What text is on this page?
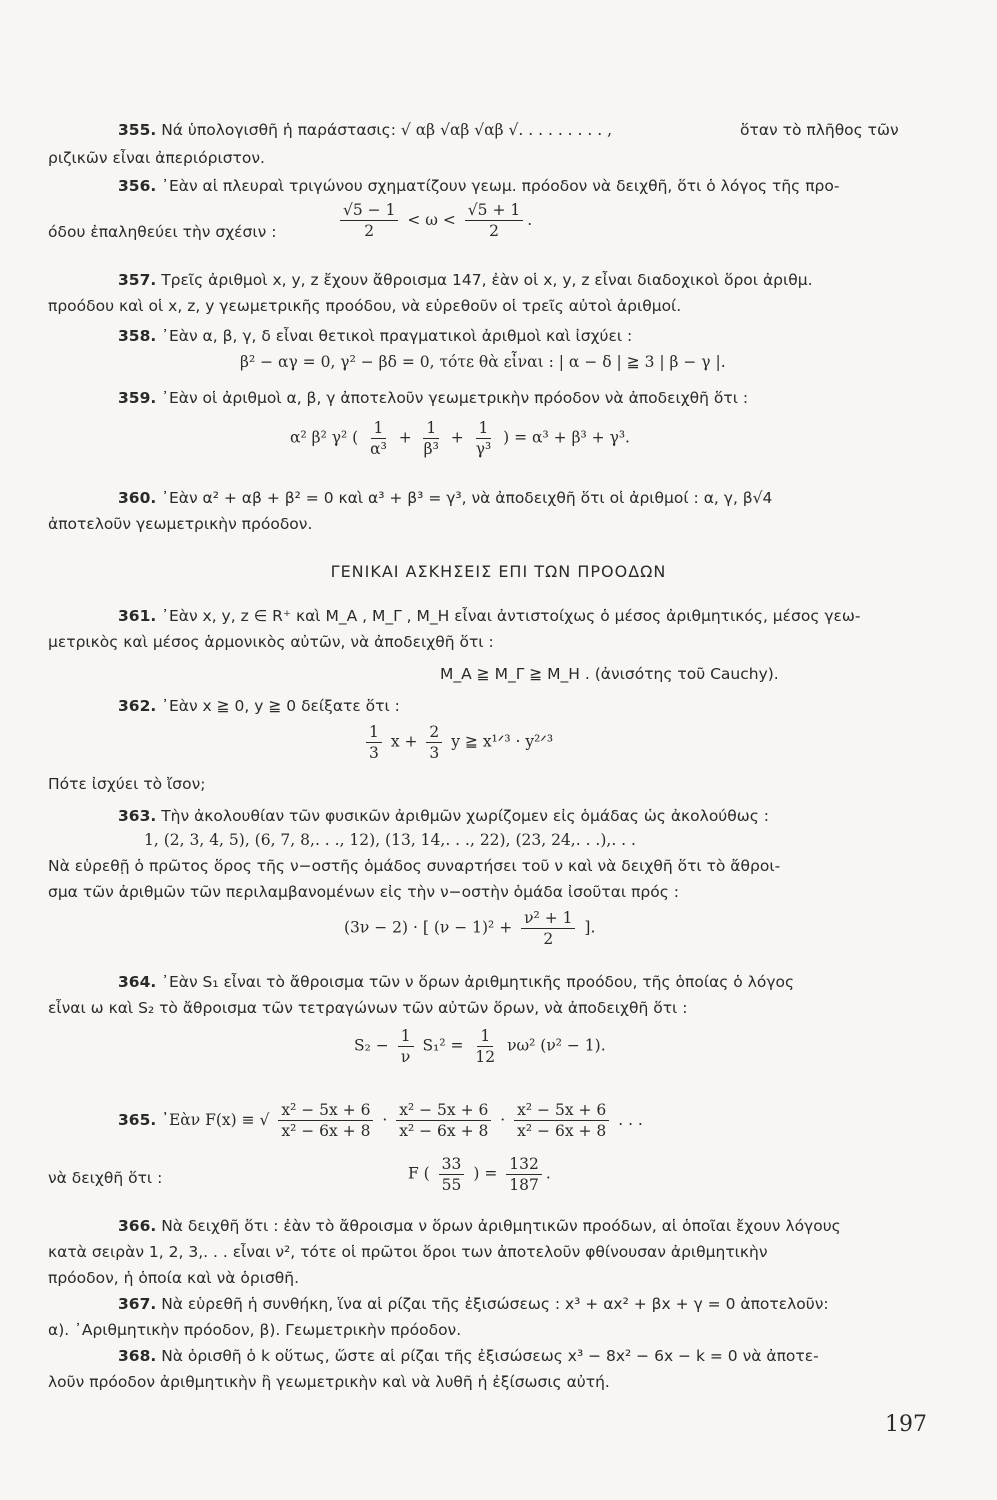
355. Νά ὑπολογισθῆ ἡ παράστασις: √ αβ √αβ √αβ √. . . . . . . . . ,	ὅταν τὸ πλῆθος τῶν
ριζικῶν εἶναι ἀπεριόριστον.
356. ᾿Εὰν αἱ πλευραὶ τριγώνου σχηματίζουν γεωμ. πρόοδον νὰ δειχθῆ, ὅτι ὁ λόγος τῆς προ-
όδου ἐπαληθεύει τὴν σχέσιν :	$\frac{√5 - 1}{2} < \omega < \frac{√5 + 1}{2}$ .
357. Τρεῖς ἀριθμοὶ x, y, z ἔχουν ἄθροισμα 147, ἐὰν οἱ x, y, z εἶναι διαδοχικοὶ ὅροι ἀριθμ.
προόδου καὶ οἱ x, z, y γεωμετρικῆς προόδου, νὰ εὑρεθοῦν οἱ τρεῖς αὐτοὶ ἀριθμοί.
358. ᾿Εὰν α, β, γ, δ εἶναι θετικοὶ πραγματικοὶ ἀριθμοὶ καὶ ἰσχύει :
β² − αγ = 0, γ² − βδ = 0, τότε θὰ εἶναι : | α − δ | ≧ 3 | β − γ |.
359. ᾿Εὰν οἱ ἀριθμοὶ α, β, γ ἀποτελοῦν γεωμετρικὴν πρόοδον νὰ ἀποδειχθῆ ὅτι :
α² β² γ² ( $\frac{1}{\text{α³}} + \frac{1}{\text{β³}} + \frac{1}{\text{γ³}}$ ) = α³ + β³ + γ³.
360. ᾿Εὰν α² + αβ + β² = 0 καὶ α³ + β³ = γ³, νὰ ἀποδειχθῆ ὅτι οἱ ἀριθμοί : α, γ, β√4
ἀποτελοῦν γεωμετρικὴν πρόοδον.
ΓΕΝΙΚΑΙ ΑΣΚΗΣΕΙΣ ΕΠΙ ΤΩΝ ΠΡΟΟΔΩΝ
361. ᾿Εὰν x, y, z ∈ R⁺ καὶ M_A , M_Γ , M_H εἶναι ἀντιστοίχως ὁ μέσος ἀριθμητικός, μέσος γεω-
μετρικὸς καὶ μέσος ἁρμονικὸς αὐτῶν, νὰ ἀποδειχθῆ ὅτι :
M_A ≧ M_Γ ≧ M_H . (ἀνισότης τοῦ Cauchy).
362. ᾿Εὰν x ≧ 0, y ≧ 0 δείξατε ὅτι :
$\frac{1}{3}$ $x + \frac{2}{3}$ y ≧ x¹ᐟ³ · y²ᐟ³
Πότε ἰσχύει τὸ ἴσον;
363. Τὴν ἀκολουθίαν τῶν φυσικῶν ἀριθμῶν χωρίζομεν εἰς ὁμάδας ὡς ἀκολούθως :
1, (2, 3, 4, 5), (6, 7, 8,. . ., 12), (13, 14,. . ., 22), (23, 24,. . .),. . .
Νὰ εὑρεθῇ ὁ πρῶτος ὅρος τῆς ν−οστῆς ὁμάδος συναρτήσει τοῦ ν καὶ νὰ δειχθῆ ὅτι τὸ ἄθροι-
σμα τῶν ἀριθμῶν τῶν περιλαμβανομένων εἰς τὴν ν−οστὴν ὁμάδα ἰσοῦται πρός :
(3ν − 2) · [ $(\nu - 1)^2 + \frac{\text{ν² + 1}}{2}$ ].
364. ᾿Εὰν S₁ εἶναι τὸ ἄθροισμα τῶν ν ὅρων ἀριθμητικῆς προόδου, τῆς ὁποίας ὁ λόγος
εἶναι ω καὶ S₂ τὸ ἄθροισμα τῶν τετραγώνων τῶν αὐτῶν ὅρων, νὰ ἀποδειχθῆ ὅτι :
$S_2 - \frac{1}{\nu} S_1^2 = \frac{1}{12} \nu\omega^2$ (ν² − 1).
365. ᾿Εὰν F(x) ≡ √ $\frac{\text{x² − 5x + 6}}{\text{x² − 6x + 8}} \cdot \frac{\text{x² − 5x + 6}}{\text{x² − 6x + 8}} \cdot \frac{\text{x² − 5x + 6}}{\text{x² − 6x + 8}}$ . . .
νὰ δειχθῆ ὅτι :	F ( $\frac{33}{55}$ ) = $\frac{132}{187}$ .
366. Νὰ δειχθῆ ὅτι : ἐὰν τὸ ἄθροισμα ν ὅρων ἀριθμητικῶν προόδων, αἱ ὁποῖαι ἔχουν λόγους
κατὰ σειρὰν 1, 2, 3,. . . εἶναι ν², τότε οἱ πρῶτοι ὅροι των ἀποτελοῦν φθίνουσαν ἀριθμητικὴν
πρόοδον, ἡ ὁποία καὶ νὰ ὁρισθῆ.
367. Νὰ εὑρεθῆ ἡ συνθήκη, ἵνα αἱ ρίζαι τῆς ἐξισώσεως : x³ + αx² + βx + γ = 0 ἀποτελοῦν:
α). ᾿Αριθμητικὴν πρόοδον, β). Γεωμετρικὴν πρόοδον.
368. Νὰ ὁρισθῆ ὁ k οὕτως, ὥστε αἱ ρίζαι τῆς ἐξισώσεως x³ − 8x² − 6x − k = 0 νὰ ἀποτε-
λοῦν πρόοδον ἀριθμητικὴν ἢ γεωμετρικὴν καὶ νὰ λυθῆ ἡ ἐξίσωσις αὐτή.
197
